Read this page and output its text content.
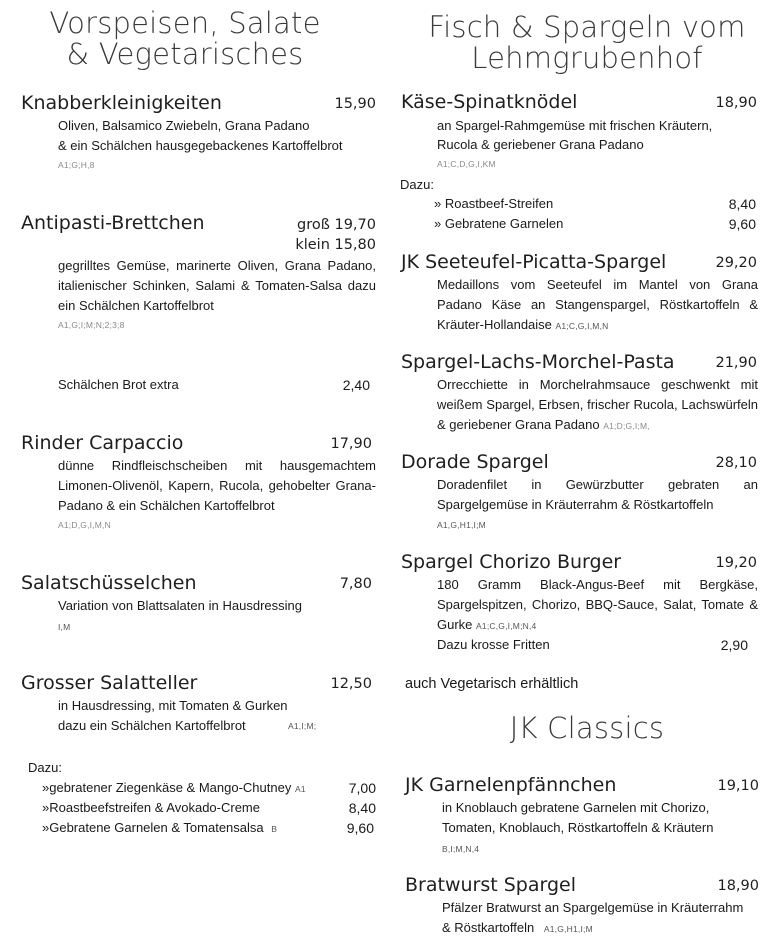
Vorspeisen, Salate
& Vegetarisches
Knabberkleinigkeiten	15,90
Oliven, Balsamico Zwiebeln, Grana Padano
& ein Schälchen hausgegebackenes Kartoffelbrot
A1;G;H,8
Antipasti-Brettchen	groß 19,70
klein 15,80
gegrilltes Gemüse, marinerte Oliven, Grana Padano, italienischer Schinken, Salami & Tomaten-Salsa dazu ein Schälchen Kartoffelbrot
A1,G;I;M;N;2;3;8
Schälchen Brot extra	2,40
Rinder Carpaccio	17,90
dünne Rindfleischscheiben mit hausgemachtem Limonen-Olivenöl, Kapern, Rucola, gehobelter Grana-Padano & ein Schälchen Kartoffelbrot
A1;D,G,I,M,N
Salatschüsselchen	7,80
Variation von Blattsalaten in Hausdressing I,M
Grosser Salatteller	12,50
in Hausdressing, mit Tomaten & Gurken
dazu ein Schälchen Kartoffelbrot	A1,I;M;
Dazu:
»gebratener Ziegenkäse & Mango-Chutney A1	7,00
»Roastbeefstreifen & Avokado-Creme	8,40
»Gebratene Garnelen & Tomatensalsa B	9,60
Fisch & Spargeln vom
Lehmgrubenhof
Käse-Spinatknödel	18,90
an Spargel-Rahmgemüse mit frischen Kräutern,
Rucola & geriebener Grana Padano
A1;C,D,G,I,KM
Dazu:
» Roastbeef-Streifen	8,40
» Gebratene Garnelen	9,60
JK Seeteufel-Picatta-Spargel	29,20
Medaillons vom Seeteufel im Mantel von Grana Padano Käse an Stangenspargel, Röstkartoffeln & Kräuter-Hollandaise A1;C,G,I,M,N
Spargel-Lachs-Morchel-Pasta	21,90
Orrecchiette in Morchelrahmsauce geschwenkt mit weißem Spargel, Erbsen, frischer Rucola, Lachswürfeln & geriebener Grana Padano A1;D;G,I;M,
Dorade Spargel	28,10
Doradenfilet in Gewürzbutter gebraten an Spargelgemüse in Kräuterrahm & Röstkartoffeln
A1,G,H1,I;M
Spargel Chorizo Burger	19,20
180 Gramm Black-Angus-Beef mit Bergkäse, Spargelspitzen, Chorizo, BBQ-Sauce, Salat, Tomate & Gurke A1;C,G,I,M;N,4
Dazu krosse Fritten	2,90
auch Vegetarisch erhältlich
JK Classics
JK Garnelenpfännchen	19,10
in Knoblauch gebratene Garnelen mit Chorizo,
Tomaten, Knoblauch, Röstkartoffeln & Kräutern
B,I;M,N,4
Bratwurst Spargel	18,90
Pfälzer Bratwurst an Spargelgemüse in Kräuterrahm
& Röstkartoffeln A1,G,H1,I;M
